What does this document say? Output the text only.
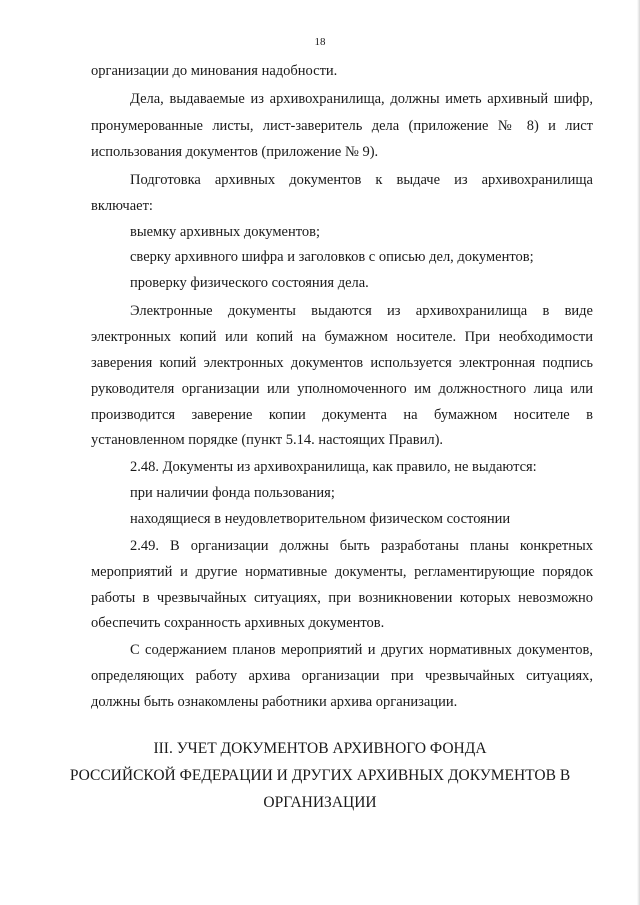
18
организации до минования надобности.
Дела, выдаваемые из архивохранилища, должны иметь архивный шифр,
пронумерованные листы, лист-заверитель дела (приложение № 8) и лист
использования документов (приложение № 9).
Подготовка архивных документов к выдаче из архивохранилища
включает:
выемку архивных документов;
сверку архивного шифра и заголовков с описью дел, документов;
проверку физического состояния дела.
Электронные документы выдаются из архивохранилища в виде
электронных копий или копий на бумажном носителе. При необходимости
заверения копий электронных документов используется электронная подпись
руководителя организации или уполномоченного им должностного лица или
производится заверение копии документа на бумажном носителе в
установленном порядке (пункт 5.14. настоящих Правил).
2.48. Документы из архивохранилища, как правило, не выдаются:
при наличии фонда пользования;
находящиеся в неудовлетворительном физическом состоянии
2.49. В организации должны быть разработаны планы конкретных
мероприятий и другие нормативные документы, регламентирующие порядок
работы в чрезвычайных ситуациях, при возникновении которых невозможно
обеспечить сохранность архивных документов.
С содержанием планов мероприятий и других нормативных документов,
определяющих работу архива организации при чрезвычайных ситуациях,
должны быть ознакомлены работники архива организации.
III. УЧЕТ ДОКУМЕНТОВ АРХИВНОГО ФОНДА
РОССИЙСКОЙ ФЕДЕРАЦИИ И ДРУГИХ АРХИВНЫХ ДОКУМЕНТОВ В
ОРГАНИЗАЦИИ
